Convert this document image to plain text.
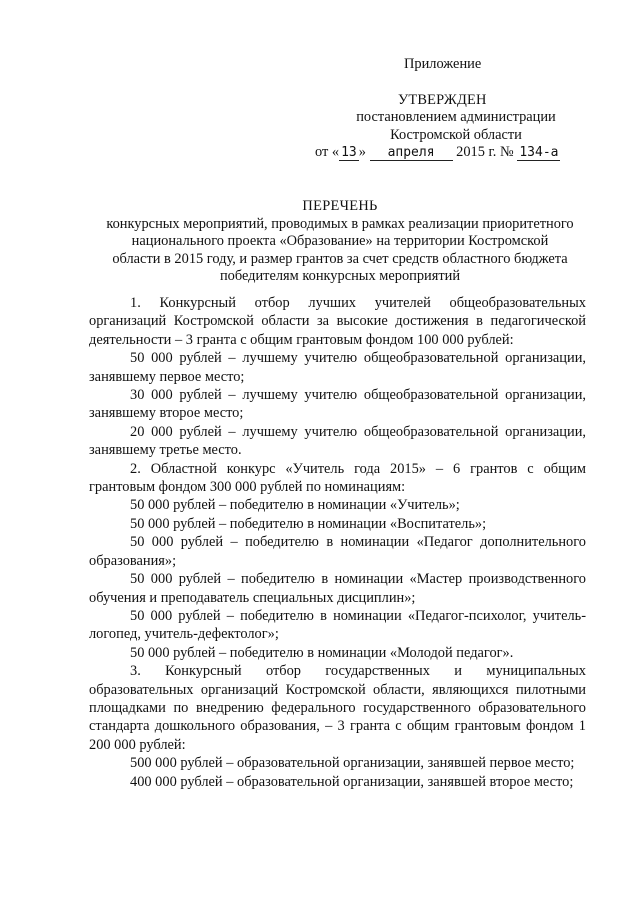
Приложение
УТВЕРЖДЕН
постановлением администрации
Костромской области
от « 13 » апреля 2015 г. № 134-а
ПЕРЕЧЕНЬ
конкурсных мероприятий, проводимых в рамках реализации приоритетного
национального проекта «Образование» на территории Костромской
области в 2015 году, и размер грантов за счет средств областного бюджета
победителям конкурсных мероприятий

1. Конкурсный отбор лучших учителей общеобразовательных организаций Костромской области за высокие достижения в педагогической деятельности – 3 гранта с общим грантовым фондом 100 000 рублей:

50 000 рублей – лучшему учителю общеобразовательной организации, занявшему первое место;

30 000 рублей – лучшему учителю общеобразовательной организации, занявшему второе место;

20 000 рублей – лучшему учителю общеобразовательной организации, занявшему третье место.

2. Областной конкурс «Учитель года 2015» – 6 грантов с общим грантовым фондом 300 000 рублей по номинациям:

50 000 рублей – победителю в номинации «Учитель»;

50 000 рублей – победителю в номинации «Воспитатель»;

50 000 рублей – победителю в номинации «Педагог дополнительного образования»;

50 000 рублей – победителю в номинации «Мастер производственного обучения и преподаватель специальных дисциплин»;

50 000 рублей – победителю в номинации «Педагог-психолог, учитель-логопед, учитель-дефектолог»;

50 000 рублей – победителю в номинации «Молодой педагог».

3. Конкурсный отбор государственных и муниципальных образовательных организаций Костромской области, являющихся пилотными площадками по внедрению федерального государственного образовательного стандарта дошкольного образования, – 3 гранта с общим грантовым фондом 1 200 000 рублей:

500 000 рублей – образовательной организации, занявшей первое место;

400 000 рублей – образовательной организации, занявшей второе место;
